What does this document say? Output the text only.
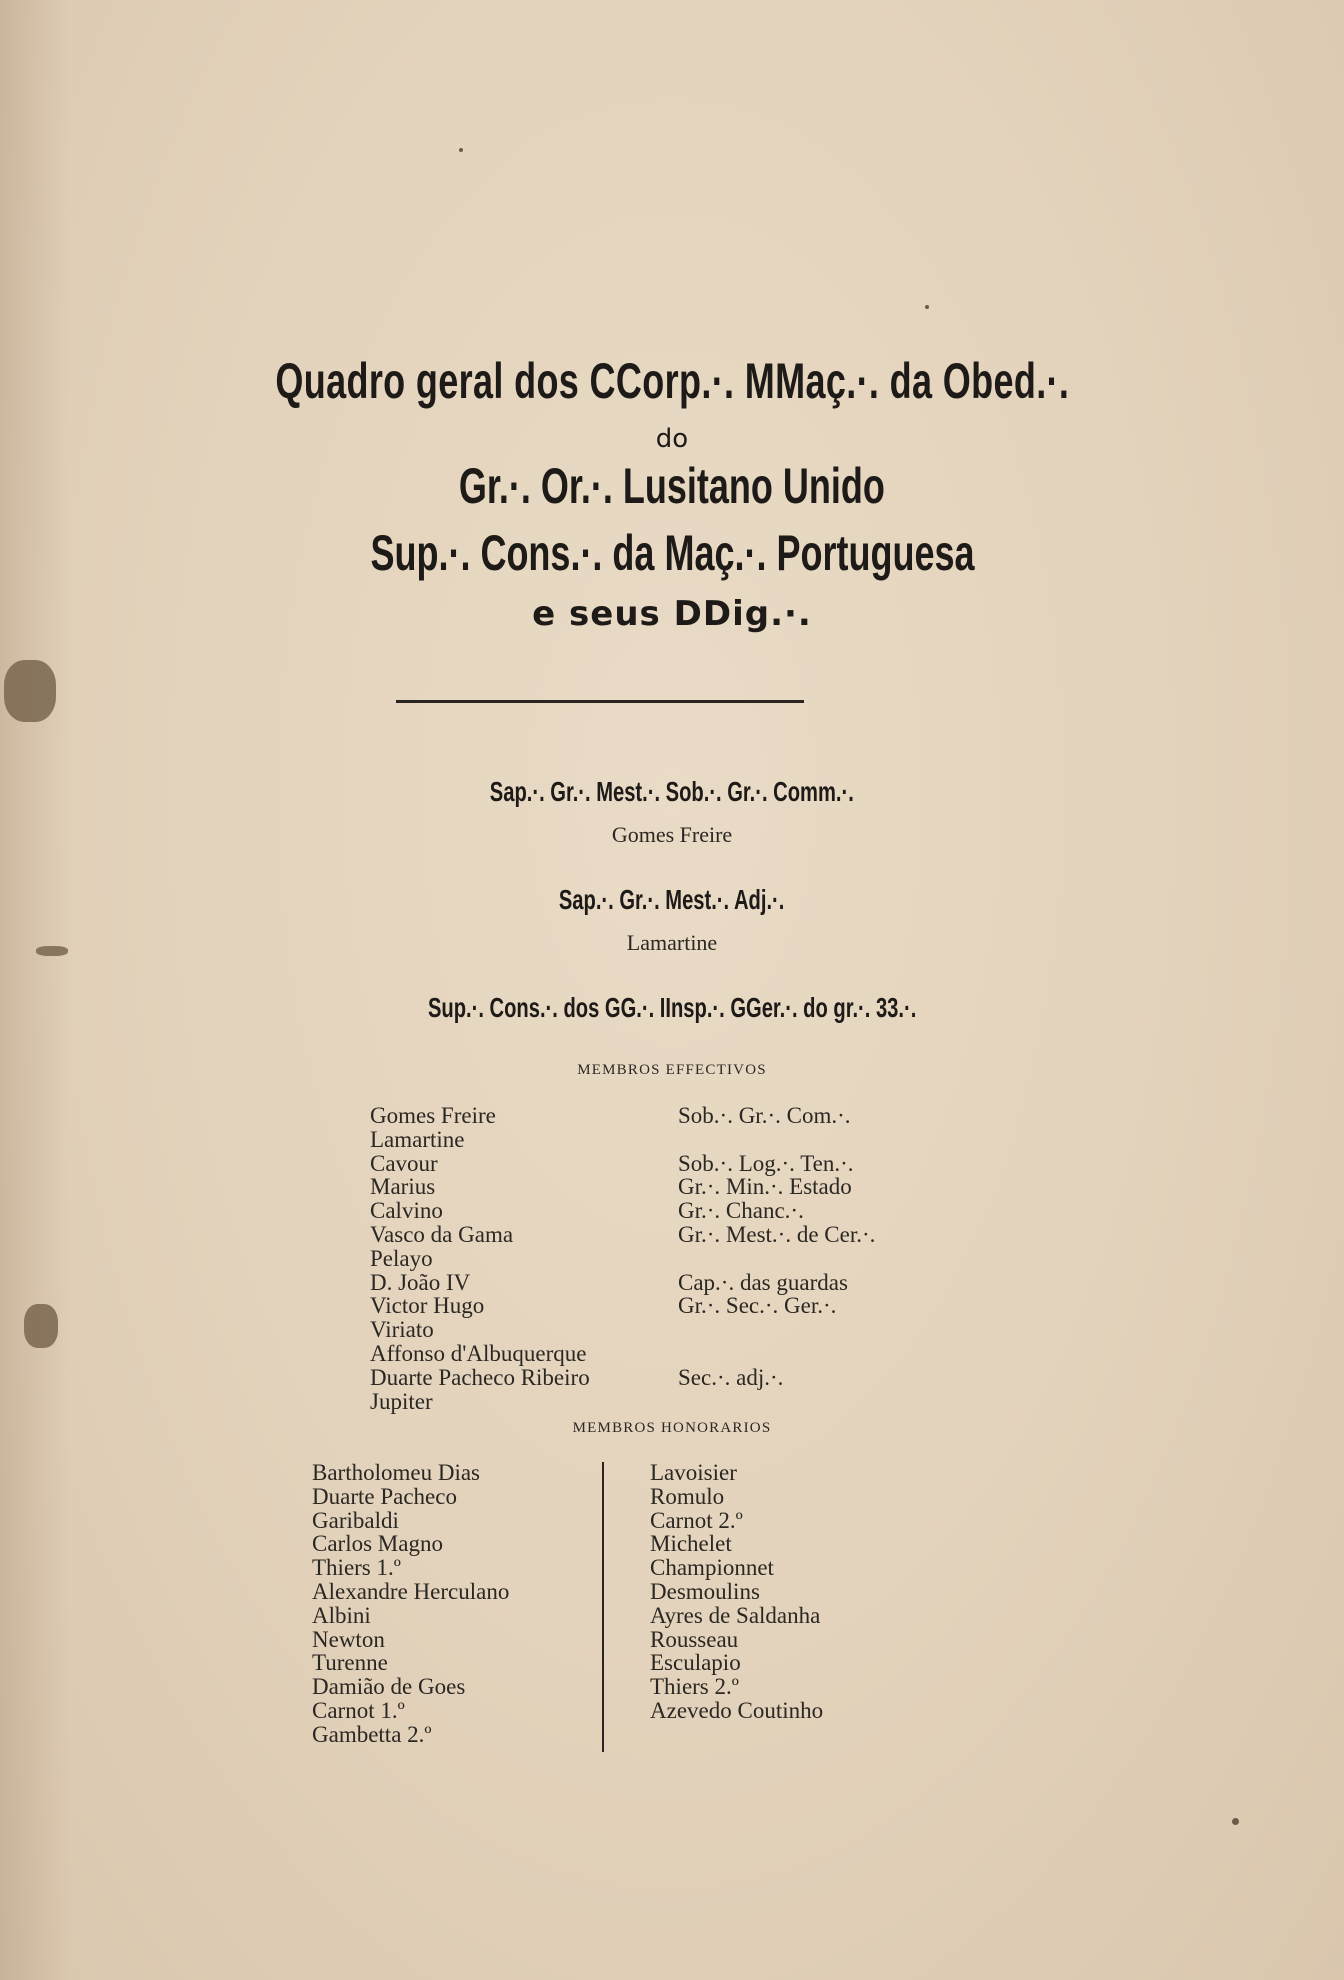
Quadro geral dos CCorp.·. MMaç.·. da Obed.·.
do
Gr.·. Or.·. Lusitano Unido
Sup.·. Cons.·. da Maç.·. Portuguesa
e seus DDig.·.
Sap.·. Gr.·. Mest.·. Sob.·. Gr.·. Comm.·.
Gomes Freire
Sap.·. Gr.·. Mest.·. Adj.·.
Lamartine
Sup.·. Cons.·. dos GG.·. IInsp.·. GGer.·. do gr.·. 33.·.
MEMBROS EFFECTIVOS
Gomes Freire
Lamartine
Cavour
Marius
Calvino
Vasco da Gama
Pelayo
D. João IV
Victor Hugo
Viriato
Affonso d'Albuquerque
Duarte Pacheco Ribeiro
Jupiter
Sob.·. Gr.·. Com.·.
Sob.·. Log.·. Ten.·.
Gr.·. Min.·. Estado
Gr.·. Chanc.·.
Gr.·. Mest.·. de Cer.·.
Cap.·. das guardas
Gr.·. Sec.·. Ger.·.
Sec.·. adj.·.
MEMBROS HONORARIOS
Bartholomeu Dias
Duarte Pacheco
Garibaldi
Carlos Magno
Thiers 1.º
Alexandre Herculano
Albini
Newton
Turenne
Damião de Goes
Carnot 1.º
Gambetta 2.º
Lavoisier
Romulo
Carnot 2.º
Michelet
Championnet
Desmoulins
Ayres de Saldanha
Rousseau
Esculapio
Thiers 2.º
Azevedo Coutinho
